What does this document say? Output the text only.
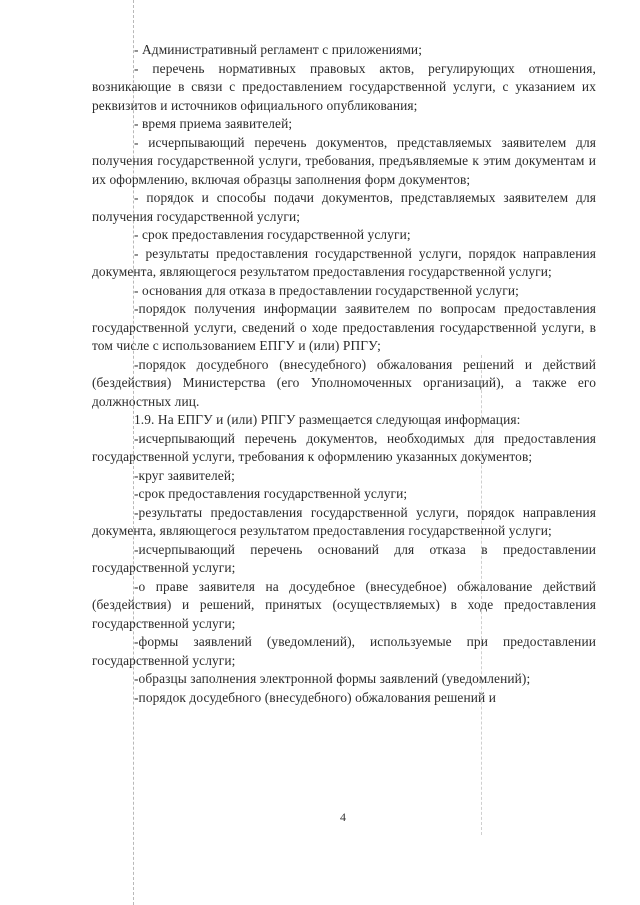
- Административный регламент с приложениями;

- перечень нормативных правовых актов, регулирующих отношения, возникающие в связи с предоставлением государственной услуги, с указанием их реквизитов и источников официального опубликования;

- время приема заявителей;

- исчерпывающий перечень документов, представляемых заявителем для получения государственной услуги, требования, предъявляемые к этим документам и их оформлению, включая образцы заполнения форм документов;

- порядок и способы подачи документов, представляемых заявителем для получения государственной услуги;

- срок предоставления государственной услуги;

- результаты предоставления государственной услуги, порядок направления документа, являющегося результатом предоставления государственной услуги;

- основания для отказа в предоставлении государственной услуги;

-порядок получения информации заявителем по вопросам предоставления государственной услуги, сведений о ходе предоставления государственной услуги, в том числе с использованием ЕПГУ и (или) РПГУ;

-порядок досудебного (внесудебного) обжалования решений и действий (бездействия) Министерства (его Уполномоченных организаций), а также его должностных лиц.

1.9. На ЕПГУ и (или) РПГУ размещается следующая информация:

-исчерпывающий перечень документов, необходимых для предоставления государственной услуги, требования к оформлению указанных документов;

-круг заявителей;

-срок предоставления государственной услуги;

-результаты предоставления государственной услуги, порядок направления документа, являющегося результатом предоставления государственной услуги;

-исчерпывающий перечень оснований для отказа в предоставлении государственной услуги;

-о праве заявителя на досудебное (внесудебное) обжалование действий (бездействия) и решений, принятых (осуществляемых) в ходе предоставления государственной услуги;

-формы заявлений (уведомлений), используемые при предоставлении государственной услуги;

-образцы заполнения электронной формы заявлений (уведомлений);

-порядок досудебного (внесудебного) обжалования решений и

4
